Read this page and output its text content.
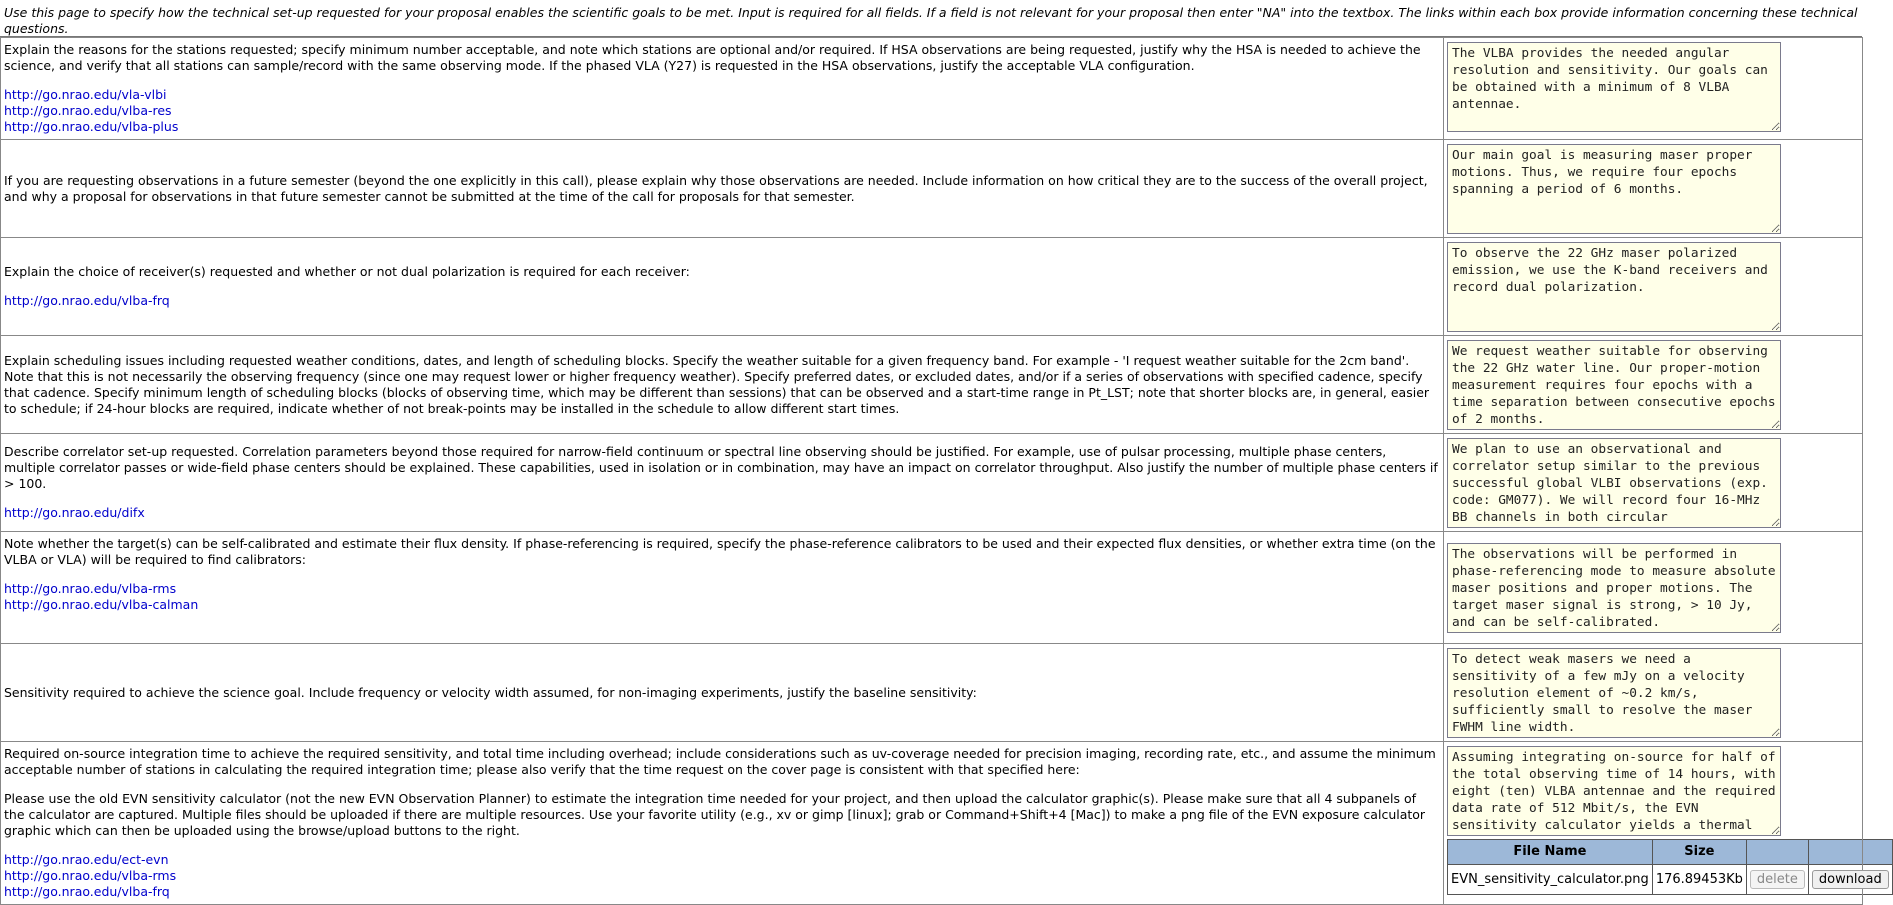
Use this page to specify how the technical set-up requested for your proposal enables the scientific goals to be met. Input is required for all fields. If a field is not relevant for your proposal then enter "NA" into the textbox. The links within each box provide information concerning these technical questions.

Explain the reasons for the stations requested; specify minimum number acceptable, and note which stations are optional and/or required. If HSA observations are being requested, justify why the HSA is needed to achieve the science, and verify that all stations can sample/record with the same observing mode. If the phased VLA (Y27) is requested in the HSA observations, justify the acceptable VLA configuration.

http://go.nrao.edu/vla-vlbi
http://go.nrao.edu/vlba-res
http://go.nrao.edu/vlba-plus

The VLBA provides the needed angular resolution and sensitivity. Our goals can be obtained with a minimum of 8 VLBA antennae.

If you are requesting observations in a future semester (beyond the one explicitly in this call), please explain why those observations are needed. Include information on how critical they are to the success of the overall project, and why a proposal for observations in that future semester cannot be submitted at the time of the call for proposals for that semester.

Our main goal is measuring maser proper motions. Thus, we require four epochs spanning a period of 6 months.

Explain the choice of receiver(s) requested and whether or not dual polarization is required for each receiver:

http://go.nrao.edu/vlba-frq

To observe the 22 GHz maser polarized emission, we use the K-band receivers and record dual polarization.

Explain scheduling issues including requested weather conditions, dates, and length of scheduling blocks. Specify the weather suitable for a given frequency band. For example - 'I request weather suitable for the 2cm band'. Note that this is not necessarily the observing frequency (since one may request lower or higher frequency weather). Specify preferred dates, or excluded dates, and/or if a series of observations with specified cadence, specify that cadence. Specify minimum length of scheduling blocks (blocks of observing time, which may be different than sessions) that can be observed and a start-time range in Pt_LST; note that shorter blocks are, in general, easier to schedule; if 24-hour blocks are required, indicate whether of not break-points may be installed in the schedule to allow different start times.

We request weather suitable for observing the 22 GHz water line. Our proper-motion measurement requires four epochs with a time separation between consecutive epochs of 2 months.

Describe correlator set-up requested. Correlation parameters beyond those required for narrow-field continuum or spectral line observing should be justified. For example, use of pulsar processing, multiple phase centers, multiple correlator passes or wide-field phase centers should be explained. These capabilities, used in isolation or in combination, may have an impact on correlator throughput. Also justify the number of multiple phase centers if > 100.

http://go.nrao.edu/difx

We plan to use an observational and correlator setup similar to the previous successful global VLBI observations (exp. code: GM077). We will record four 16-MHz BB channels in both circular polarizations.

Note whether the target(s) can be self-calibrated and estimate their flux density. If phase-referencing is required, specify the phase-reference calibrators to be used and their expected flux densities, or whether extra time (on the VLBA or VLA) will be required to find calibrators:

http://go.nrao.edu/vlba-rms
http://go.nrao.edu/vlba-calman

The observations will be performed in phase-referencing mode to measure absolute maser positions and proper motions. The target maser signal is strong, > 10 Jy, and can be self-calibrated.

Sensitivity required to achieve the science goal. Include frequency or velocity width assumed, for non-imaging experiments, justify the baseline sensitivity:

To detect weak masers we need a sensitivity of a few mJy on a velocity resolution element of ~0.2 km/s, sufficiently small to resolve the maser FWHM line width.

Required on-source integration time to achieve the required sensitivity, and total time including overhead; include considerations such as uv-coverage needed for precision imaging, recording rate, etc., and assume the minimum acceptable number of stations in calculating the required integration time; please also verify that the time request on the cover page is consistent with that specified here:

Please use the old EVN sensitivity calculator (not the new EVN Observation Planner) to estimate the integration time needed for your project, and then upload the calculator graphic(s). Please make sure that all 4 subpanels of the calculator are captured. Multiple files should be uploaded if there are multiple resources. Use your favorite utility (e.g., xv or gimp [linux]; grab or Command+Shift+4 [Mac]) to make a png file of the EVN exposure calculator graphic which can then be uploaded using the browse/upload buttons to the right.

http://go.nrao.edu/ect-evn
http://go.nrao.edu/vlba-rms
http://go.nrao.edu/vlba-frq

Assuming integrating on-source for half of the total observing time of 14 hours, with eight (ten) VLBA antennae and the required data rate of 512 Mbit/s, the EVN sensitivity calculator yields a thermal noise of about 1 mJy/beam.
File Name	Size		
EVN_sensitivity_calculator.png	176.89453Kb	delete	download
